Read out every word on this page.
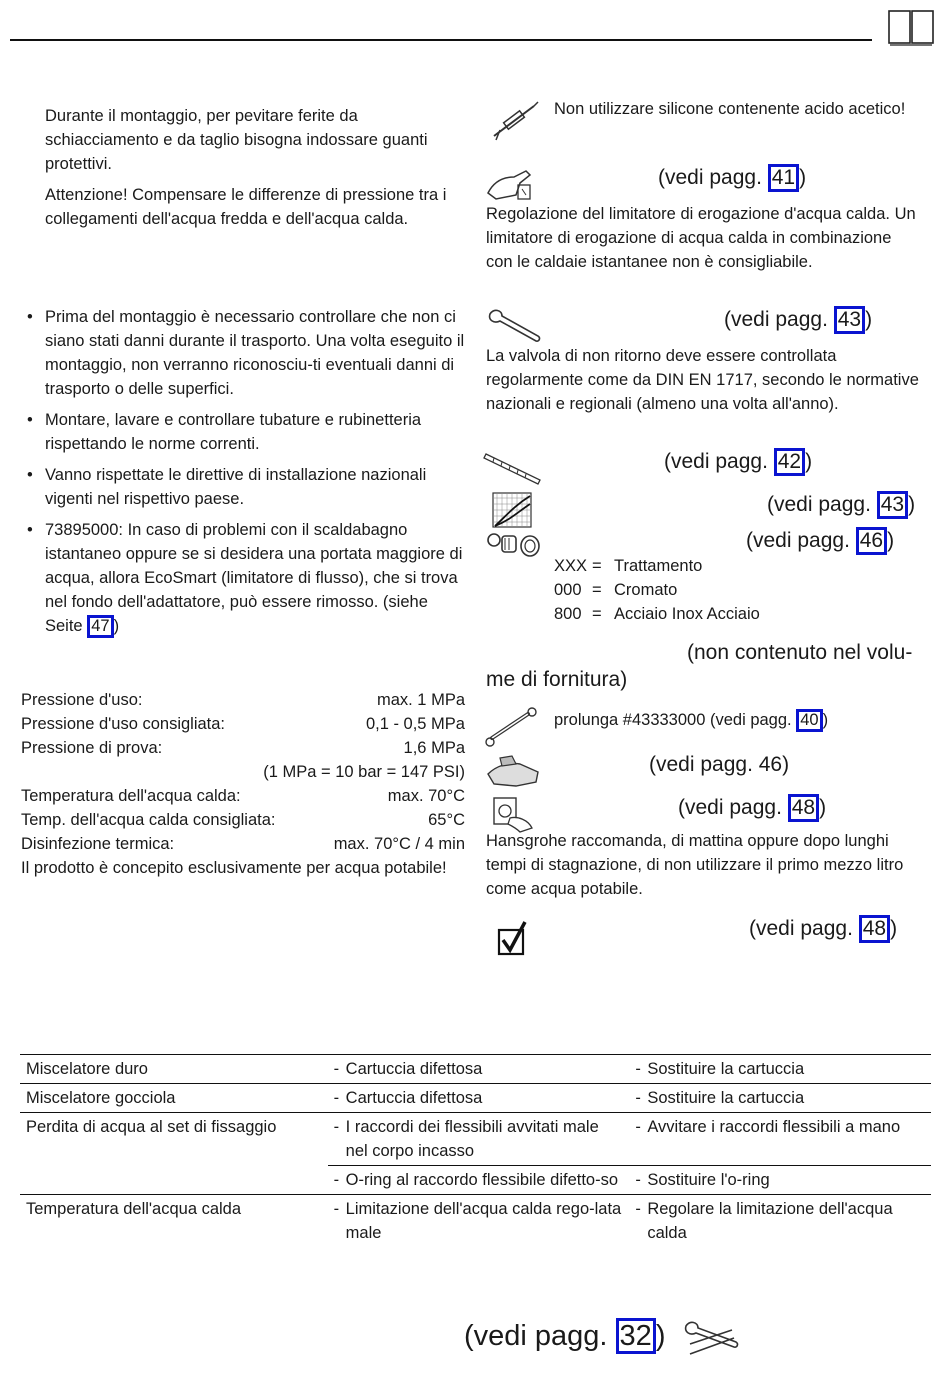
Durante il montaggio, per pevitare ferite da schiacciamento e da taglio bisogna indossare guanti protettivi.
Attenzione! Compensare le differenze di pressione tra i collegamenti dell'acqua fredda e dell'acqua calda.
• Prima del montaggio è necessario controllare che non ci siano stati danni durante il trasporto. Una volta eseguito il montaggio, non verranno riconosciu-ti eventuali danni di trasporto o delle superfici.
• Montare, lavare e controllare tubature e rubinetteria rispettando le norme correnti.
• Vanno rispettate le direttive di installazione nazionali vigenti nel rispettivo paese.
• 73895000: In caso di problemi con il scaldabagno istantaneo oppure se si desidera una portata maggiore di acqua, allora EcoSmart (limitatore di flusso), che si trova nel fondo dell'adattatore, può essere rimosso. (siehe Seite 47 )
Pressione d'uso:	max. 1 MPa
Pressione d'uso consigliata:	0,1 - 0,5 MPa
Pressione di prova:	1,6 MPa
(1 MPa = 10 bar = 147 PSI)
Temperatura dell'acqua calda:	max. 70°C
Temp. dell'acqua calda consigliata:	65°C
Disinfezione termica:	max. 70°C / 4 min
Il prodotto è concepito esclusivamente per acqua potabile!
Non utilizzare silicone contenente acido acetico!
(vedi pagg. 41 )
Regolazione del limitatore di erogazione d'acqua calda. Un limitatore di erogazione di acqua calda in combinazione con le caldaie istantanee non è consigliabile.
(vedi pagg. 43 )
La valvola di non ritorno deve essere controllata regolarmente come da DIN EN 1717, secondo le normative nazionali e regionali (almeno una volta all'anno).
(vedi pagg. 42 )
(vedi pagg. 43 )
(vedi pagg. 46 )
XXX = Trattamento
000 = Cromato
800 = Acciaio Inox Acciaio
(non contenuto nel volu-
me di fornitura)
prolunga #43333000 (vedi pagg. 40 )
(vedi pagg. 46)
(vedi pagg. 48 )
Hansgrohe raccomanda, di mattina oppure dopo lunghi tempi di stagnazione, di non utilizzare il primo mezzo litro come acqua potabile.
(vedi pagg. 48 )
Miscelatore duro	- Cartuccia difettosa	- Sostituire la cartuccia

Miscelatore gocciola	- Cartuccia difettosa	- Sostituire la cartuccia

Perdita di acqua al set di fissaggio	- I raccordi dei flessibili avvitati male nel corpo incasso	- Avvitare i raccordi flessibili a mano

	- O-ring al raccordo flessibile difetto-so	- Sostituire l'o-ring

Temperatura dell'acqua calda	- Limitazione dell'acqua calda rego-lata male	- Regolare la limitazione dell'acqua calda
(vedi pagg. 32 )
